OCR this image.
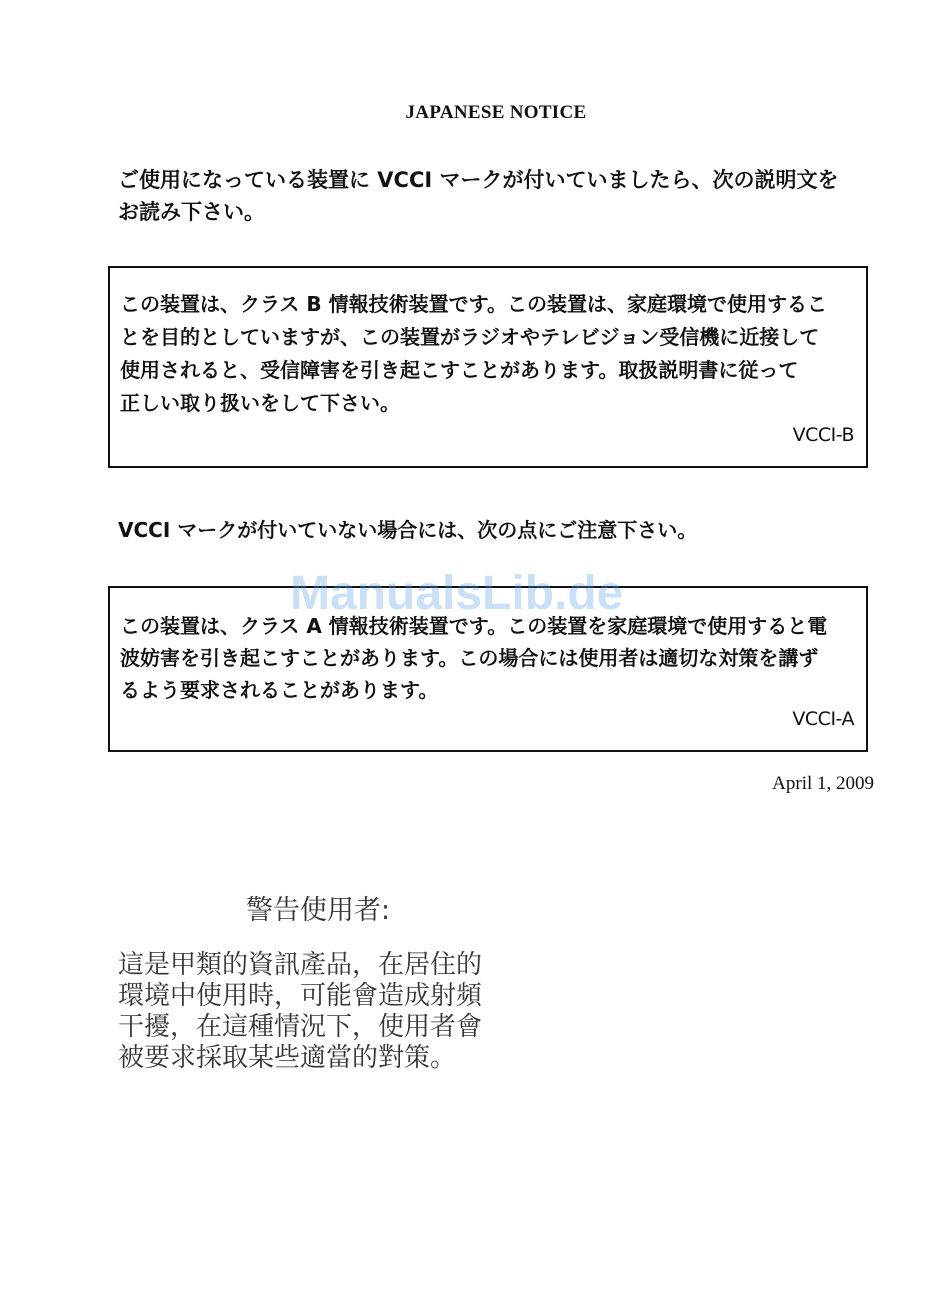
JAPANESE NOTICE
ご使用になっている装置に VCCI マークが付いていましたら、次の説明文を
お読み下さい。
この装置は、クラス B 情報技術装置です。この装置は、家庭環境で使用するこ
とを目的としていますが、この装置がラジオやテレビジョン受信機に近接して
使用されると、受信障害を引き起こすことがあります。取扱説明書に従って
正しい取り扱いをして下さい。
VCCI-B
VCCI マークが付いていない場合には、次の点にご注意下さい。
この装置は、クラス A 情報技術装置です。この装置を家庭環境で使用すると電
波妨害を引き起こすことがあります。この場合には使用者は適切な対策を講ず
るよう要求されることがあります。
VCCI-A
ManualsLib.de
April 1, 2009
警告使用者:
這是甲類的資訊產品，在居住的
環境中使用時，可能會造成射頻
干擾，在這種情況下，使用者會
被要求採取某些適當的對策。
